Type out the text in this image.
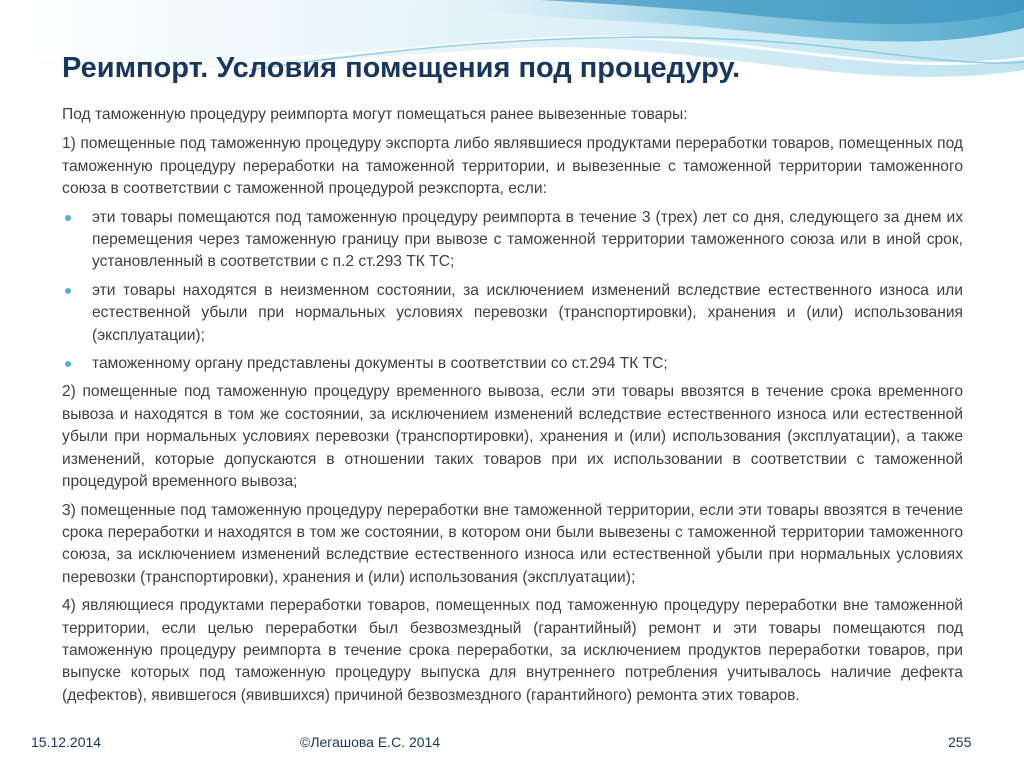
Реимпорт. Условия помещения под процедуру.

Под таможенную процедуру реимпорта могут помещаться ранее вывезенные товары:

1) помещенные под таможенную процедуру экспорта либо являвшиеся продуктами переработки товаров, помещенных под таможенную процедуру переработки на таможенной территории, и вывезенные с таможенной территории таможенного союза в соответствии с таможенной процедурой реэкспорта, если:

эти товары помещаются под таможенную процедуру реимпорта в течение 3 (трех) лет со дня, следующего за днем их перемещения через таможенную границу при вывозе с таможенной территории таможенного союза или в иной срок, установленный в соответствии с п.2 ст.293 ТК ТС;
эти товары находятся в неизменном состоянии, за исключением изменений вследствие естественного износа или естественной убыли при нормальных условиях перевозки (транспортировки), хранения и (или) использования (эксплуатации);
таможенному органу представлены документы в соответствии со ст.294 ТК ТС;

2) помещенные под таможенную процедуру временного вывоза, если эти товары ввозятся в течение срока временного вывоза и находятся в том же состоянии, за исключением изменений вследствие естественного износа или естественной убыли при нормальных условиях перевозки (транспортировки), хранения и (или) использования (эксплуатации), а также изменений, которые допускаются в отношении таких товаров при их использовании в соответствии с таможенной процедурой временного вывоза;

3) помещенные под таможенную процедуру переработки вне таможенной территории, если эти товары ввозятся в течение срока переработки и находятся в том же состоянии, в котором они были вывезены с таможенной территории таможенного союза, за исключением изменений вследствие естественного износа или естественной убыли при нормальных условиях перевозки (транспортировки), хранения и (или) использования (эксплуатации);

4) являющиеся продуктами переработки товаров, помещенных под таможенную процедуру переработки вне таможенной территории, если целью переработки был безвозмездный (гарантийный) ремонт и эти товары помещаются под таможенную процедуру реимпорта в течение срока переработки, за исключением продуктов переработки товаров, при выпуске которых под таможенную процедуру выпуска для внутреннего потребления учитывалось наличие дефекта (дефектов), явившегося (явившихся) причиной безвозмездного (гарантийного) ремонта этих товаров.

15.12.2014	©Легашова Е.С. 2014	255
